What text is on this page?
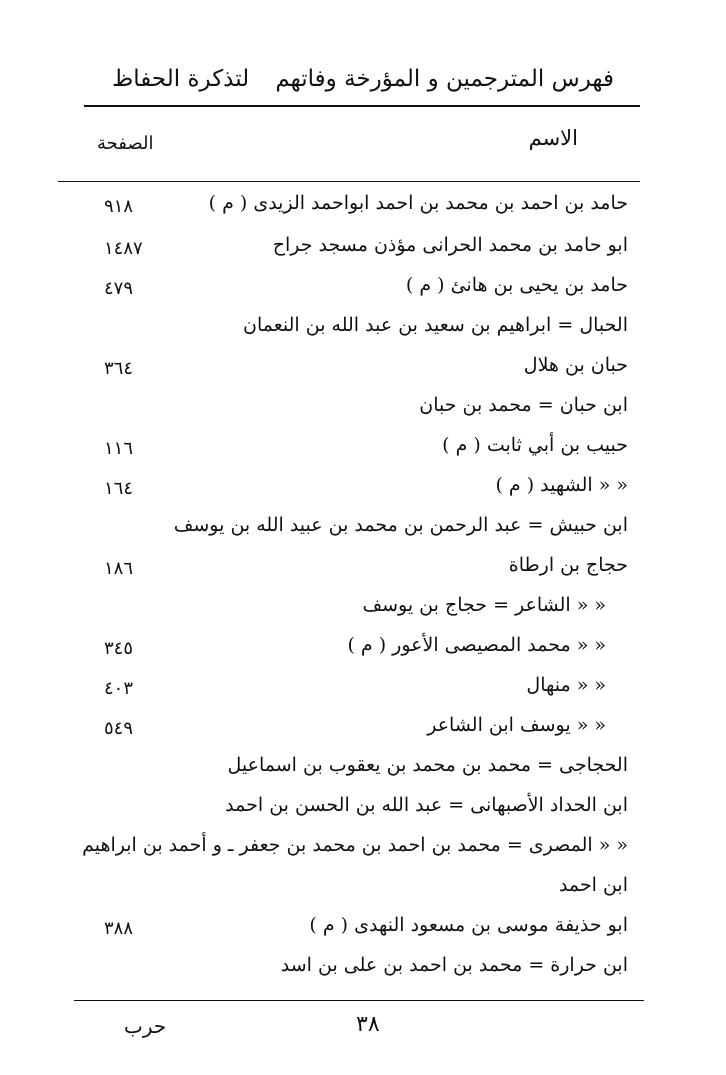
فهرس المترجمين و المؤرخة وفاتهم
لتذكرة الحفاظ
الاسم
الصفحة
حامد بن احمد بن محمد بن احمد ابواحمد الزيدى ( م )
٩١٨
ابو حامد بن محمد الحرانى مؤذن مسجد جراح
١٤٨٧
حامد بن يحيى بن هانئ ( م )
٤٧٩
الحبال = ابراهيم بن سعيد بن عبد الله بن النعمان
حبان بن هلال
٣٦٤
ابن حبان = محمد بن حبان
حبيب بن أبي ثابت ( م )
١١٦
« « الشهيد ( م )
١٦٤
ابن حبيش = عبد الرحمن بن محمد بن عبيد الله بن يوسف
حجاج بن ارطاة
١٨٦
« « الشاعر = حجاج بن يوسف
« « محمد المصيصى الأعور ( م )
٣٤٥
« « منهال
٤٠٣
« « يوسف ابن الشاعر
٥٤٩
الحجاجى = محمد بن محمد بن يعقوب بن اسماعيل
ابن الحداد الأصبهانى = عبد الله بن الحسن بن احمد
« « المصرى = محمد بن احمد بن محمد بن جعفر ـ و أحمد بن ابراهيم
ابن احمد
ابو حذيفة موسى بن مسعود النهدى ( م )
٣٨٨
ابن حرارة = محمد بن احمد بن على بن اسد
٣٨
حرب
